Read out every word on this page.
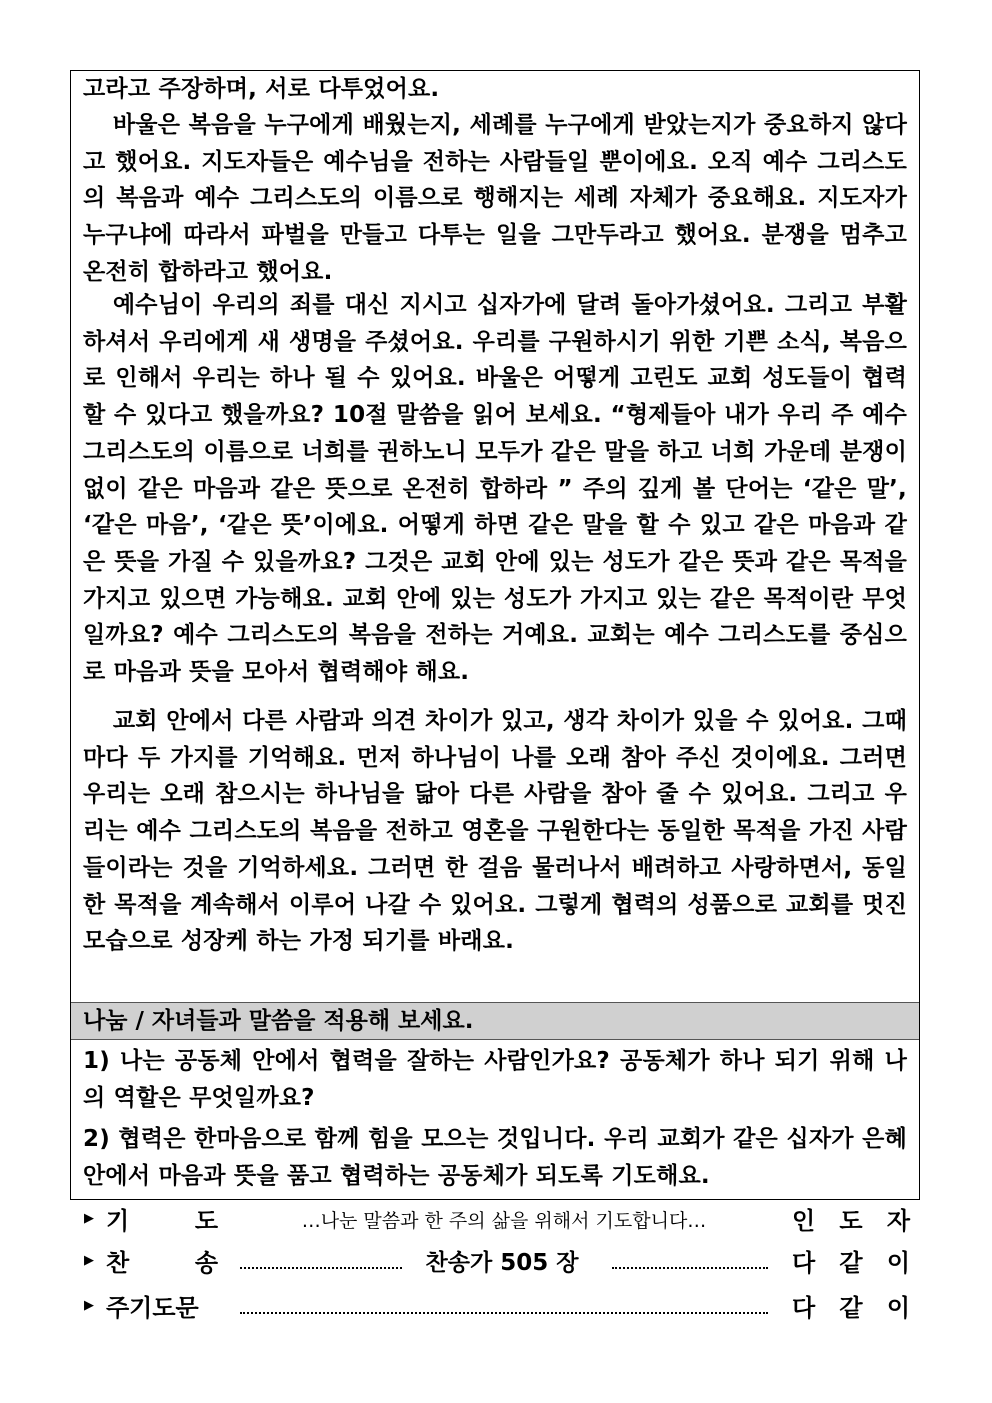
고라고 주장하며, 서로 다투었어요.

바울은 복음을 누구에게 배웠는지, 세례를 누구에게 받았는지가 중요하지 않다고 했어요. 지도자들은 예수님을 전하는 사람들일 뿐이에요. 오직 예수 그리스도의 복음과 예수 그리스도의 이름으로 행해지는 세례 자체가 중요해요. 지도자가 누구냐에 따라서 파벌을 만들고 다투는 일을 그만두라고 했어요. 분쟁을 멈추고 온전히 합하라고 했어요.

예수님이 우리의 죄를 대신 지시고 십자가에 달려 돌아가셨어요. 그리고 부활하셔서 우리에게 새 생명을 주셨어요. 우리를 구원하시기 위한 기쁜 소식, 복음으로 인해서 우리는 하나 될 수 있어요. 바울은 어떻게 고린도 교회 성도들이 협력할 수 있다고 했을까요? 10절 말씀을 읽어 보세요. “형제들아 내가 우리 주 예수 그리스도의 이름으로 너희를 권하노니 모두가 같은 말을 하고 너희 가운데 분쟁이 없이 같은 마음과 같은 뜻으로 온전히 합하라 ” 주의 깊게 볼 단어는 ‘같은 말’, ‘같은 마음’, ‘같은 뜻’이에요. 어떻게 하면 같은 말을 할 수 있고 같은 마음과 같은 뜻을 가질 수 있을까요? 그것은 교회 안에 있는 성도가 같은 뜻과 같은 목적을 가지고 있으면 가능해요. 교회 안에 있는 성도가 가지고 있는 같은 목적이란 무엇일까요? 예수 그리스도의 복음을 전하는 거예요. 교회는 예수 그리스도를 중심으로 마음과 뜻을 모아서 협력해야 해요.

교회 안에서 다른 사람과 의견 차이가 있고, 생각 차이가 있을 수 있어요. 그때마다 두 가지를 기억해요. 먼저 하나님이 나를 오래 참아 주신 것이에요. 그러면 우리는 오래 참으시는 하나님을 닮아 다른 사람을 참아 줄 수 있어요. 그리고 우리는 예수 그리스도의 복음을 전하고 영혼을 구원한다는 동일한 목적을 가진 사람들이라는 것을 기억하세요. 그러면 한 걸음 물러나서 배려하고 사랑하면서, 동일한 목적을 계속해서 이루어 나갈 수 있어요. 그렇게 협력의 성품으로 교회를 멋진 모습으로 성장케 하는 가정 되기를 바래요.

나눔 / 자녀들과 말씀을 적용해 보세요.

1) 나는 공동체 안에서 협력을 잘하는 사람인가요? 공동체가 하나 되기 위해 나의 역할은 무엇일까요?

2) 협력은 한마음으로 함께 힘을 모으는 것입니다. 우리 교회가 같은 십자가 은혜 안에서 마음과 뜻을 품고 협력하는 공동체가 되도록 기도해요.

▶ 기	도	…나눈 말씀과 한 주의 삶을 위해서 기도합니다…	인 도 자
▶ 찬	송	찬송가 505 장	다 같 이
▶ 주기도문	다 같 이
